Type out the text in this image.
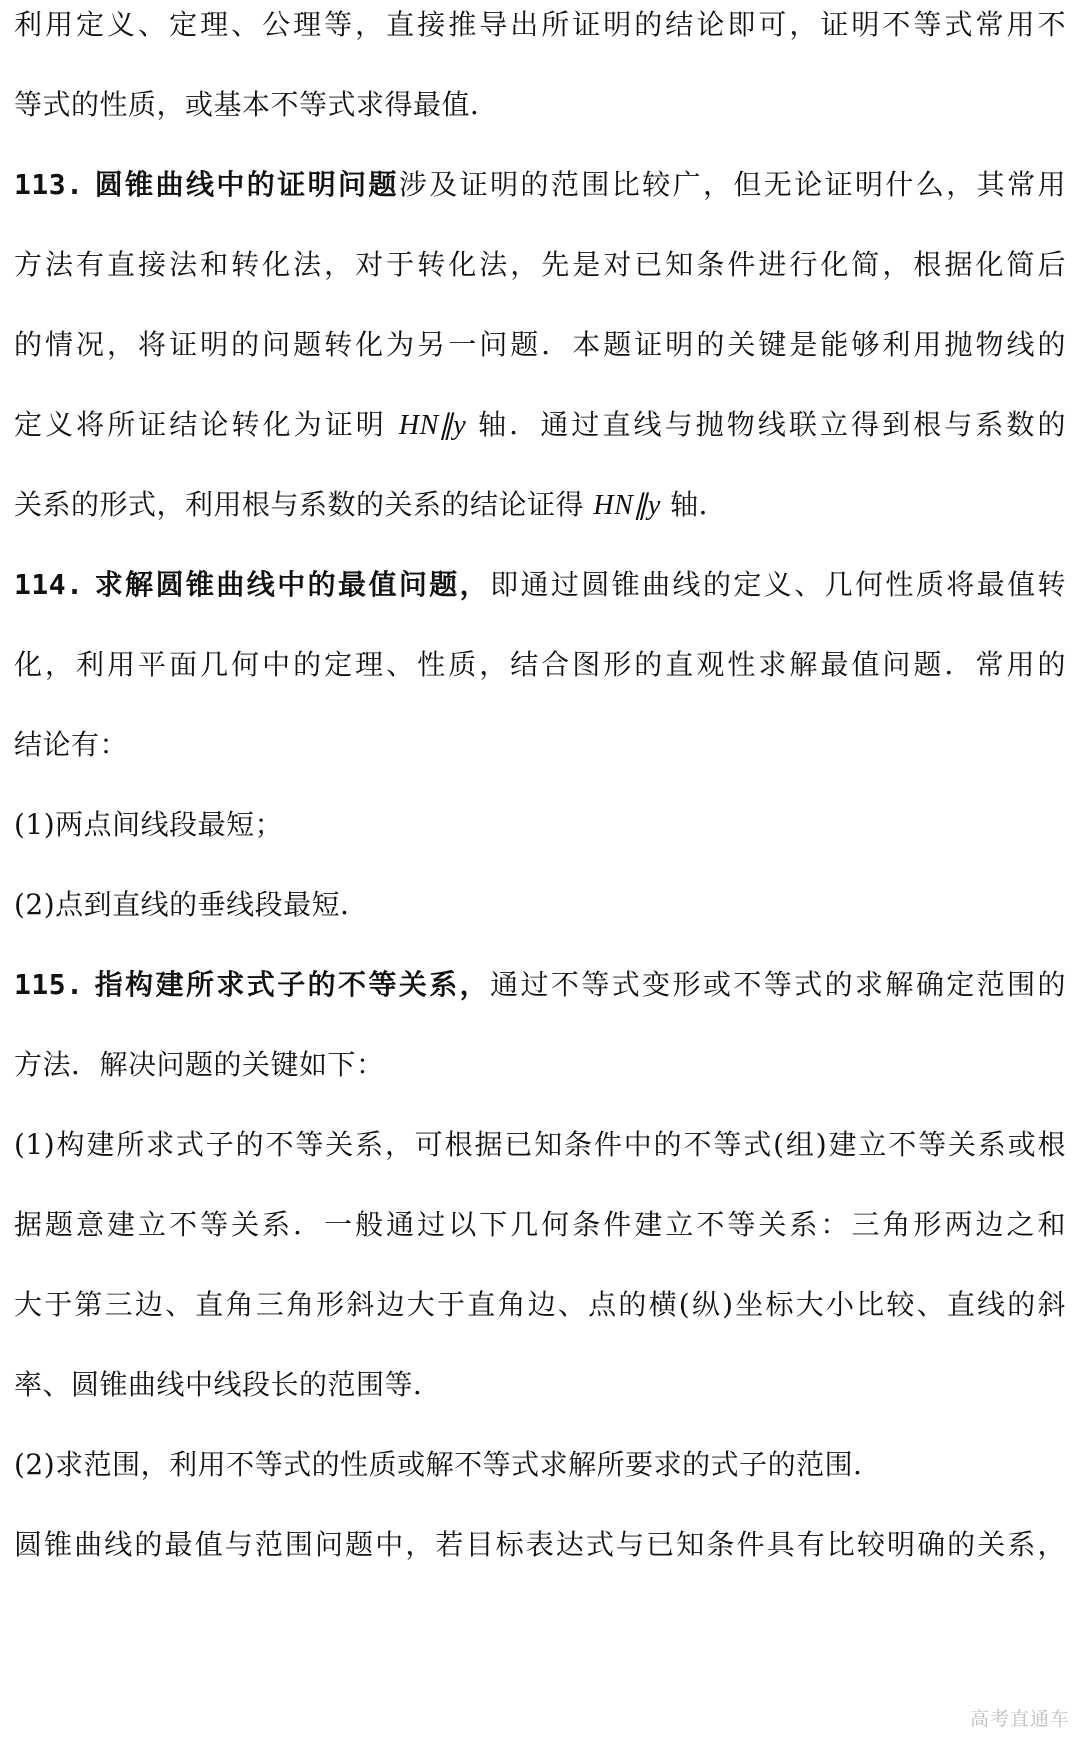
利用定义、定理、公理等，直接推导出所证明的结论即可，证明不等式常用不
等式的性质，或基本不等式求得最值．
113. 圆锥曲线中的证明问题涉及证明的范围比较广，但无论证明什么，其常用
方法有直接法和转化法，对于转化法，先是对已知条件进行化简，根据化简后
的情况，将证明的问题转化为另一问题．本题证明的关键是能够利用抛物线的
定义将所证结论转化为证明 HN∥y 轴．通过直线与抛物线联立得到根与系数的
关系的形式，利用根与系数的关系的结论证得 HN∥y 轴．
114. 求解圆锥曲线中的最值问题，即通过圆锥曲线的定义、几何性质将最值转
化，利用平面几何中的定理、性质，结合图形的直观性求解最值问题．常用的
结论有：
(1)两点间线段最短；
(2)点到直线的垂线段最短．
115. 指构建所求式子的不等关系，通过不等式变形或不等式的求解确定范围的
方法．解决问题的关键如下：
(1)构建所求式子的不等关系，可根据已知条件中的不等式(组)建立不等关系或根
据题意建立不等关系．一般通过以下几何条件建立不等关系：三角形两边之和
大于第三边、直角三角形斜边大于直角边、点的横(纵)坐标大小比较、直线的斜
率、圆锥曲线中线段长的范围等．
(2)求范围，利用不等式的性质或解不等式求解所要求的式子的范围．
圆锥曲线的最值与范围问题中，若目标表达式与已知条件具有比较明确的关系，
高考直通车
